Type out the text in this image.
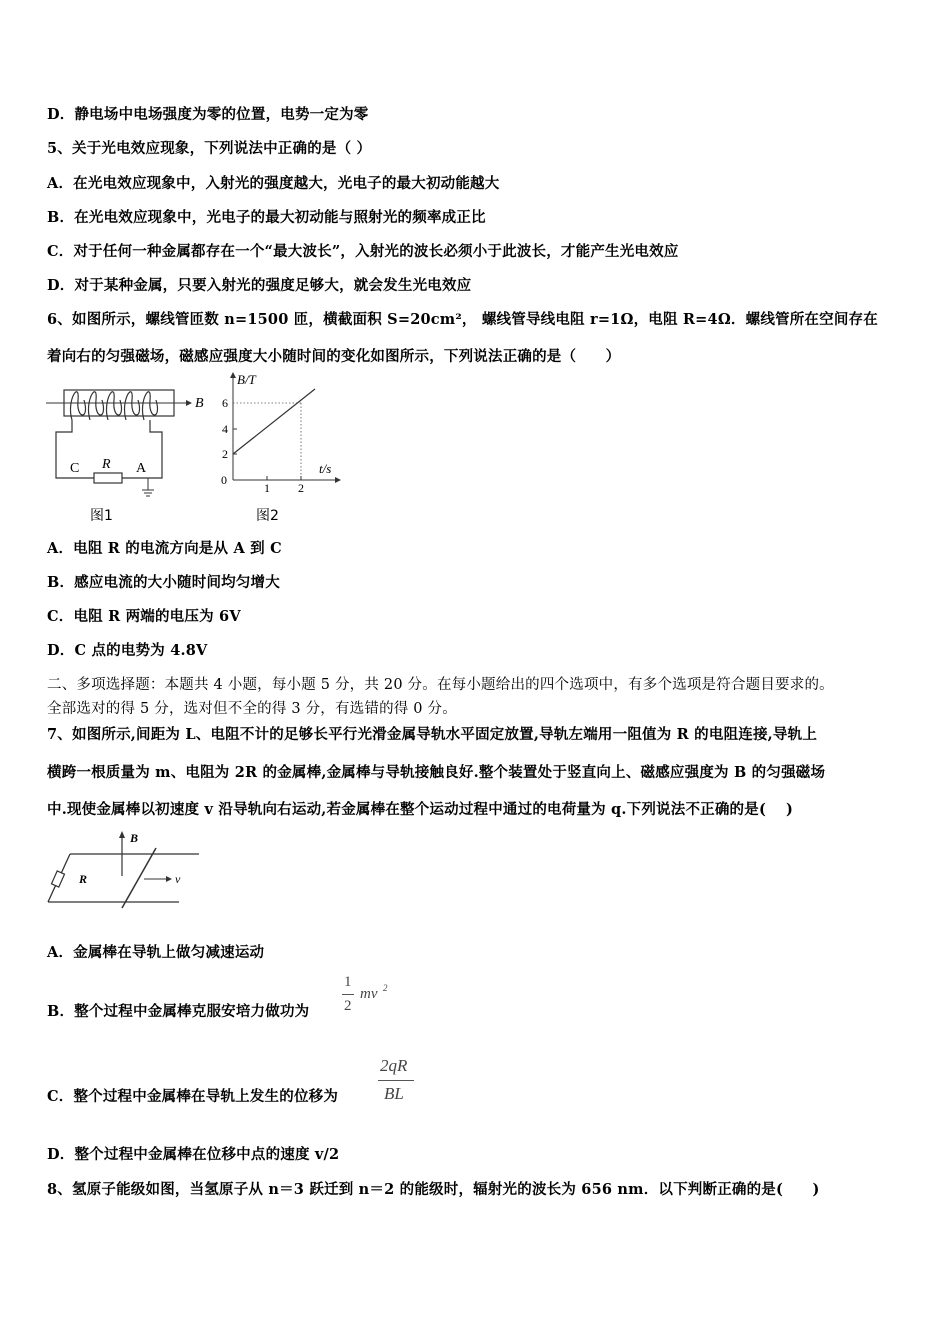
D．静电场中电场强度为零的位置，电势一定为零
5、关于光电效应现象，下列说法中正确的是（ ）
A．在光电效应现象中，入射光的强度越大，光电子的最大初动能越大
B．在光电效应现象中，光电子的最大初动能与照射光的频率成正比
C．对于任何一种金属都存在一个“最大波长”，入射光的波长必须小于此波长，才能产生光电效应
D．对于某种金属，只要入射光的强度足够大，就会发生光电效应
6、如图所示，螺线管匝数 n=1500 匝，横截面积 S=20cm²， 螺线管导线电阻 r=1Ω，电阻 R=4Ω．螺线管所在空间存在
着向右的匀强磁场，磁感应强度大小随时间的变化如图所示，下列说法正确的是（　　）
B
C R A
图1
B/T
t/s
0
2
4
6
1 2
图2
A．电阻 R 的电流方向是从 A 到 C
B．感应电流的大小随时间均匀增大
C．电阻 R 两端的电压为 6V
D．C 点的电势为 4.8V
二、多项选择题：本题共 4 小题，每小题 5 分，共 20 分。在每小题给出的四个选项中，有多个选项是符合题目要求的。
全部选对的得 5 分，选对但不全的得 3 分，有选错的得 0 分。
7、如图所示,间距为 L、电阻不计的足够长平行光滑金属导轨水平固定放置,导轨左端用一阻值为 R 的电阻连接,导轨上
横跨一根质量为 m、电阻为 2R 的金属棒,金属棒与导轨接触良好.整个装置处于竖直向上、磁感应强度为 B 的匀强磁场
中.现使金属棒以初速度 v 沿导轨向右运动,若金属棒在整个运动过程中通过的电荷量为 q.下列说法不正确的是(　 )
B
R	v
A．金属棒在导轨上做匀减速运动
B．整个过程中金属棒克服安培力做功为
1
2
mv 2
C．整个过程中金属棒在导轨上发生的位移为
2qR
BL
D．整个过程中金属棒在位移中点的速度 v/2
8、氢原子能级如图，当氢原子从 n＝3 跃迁到 n＝2 的能级时，辐射光的波长为 656 nm．以下判断正确的是(　　)
